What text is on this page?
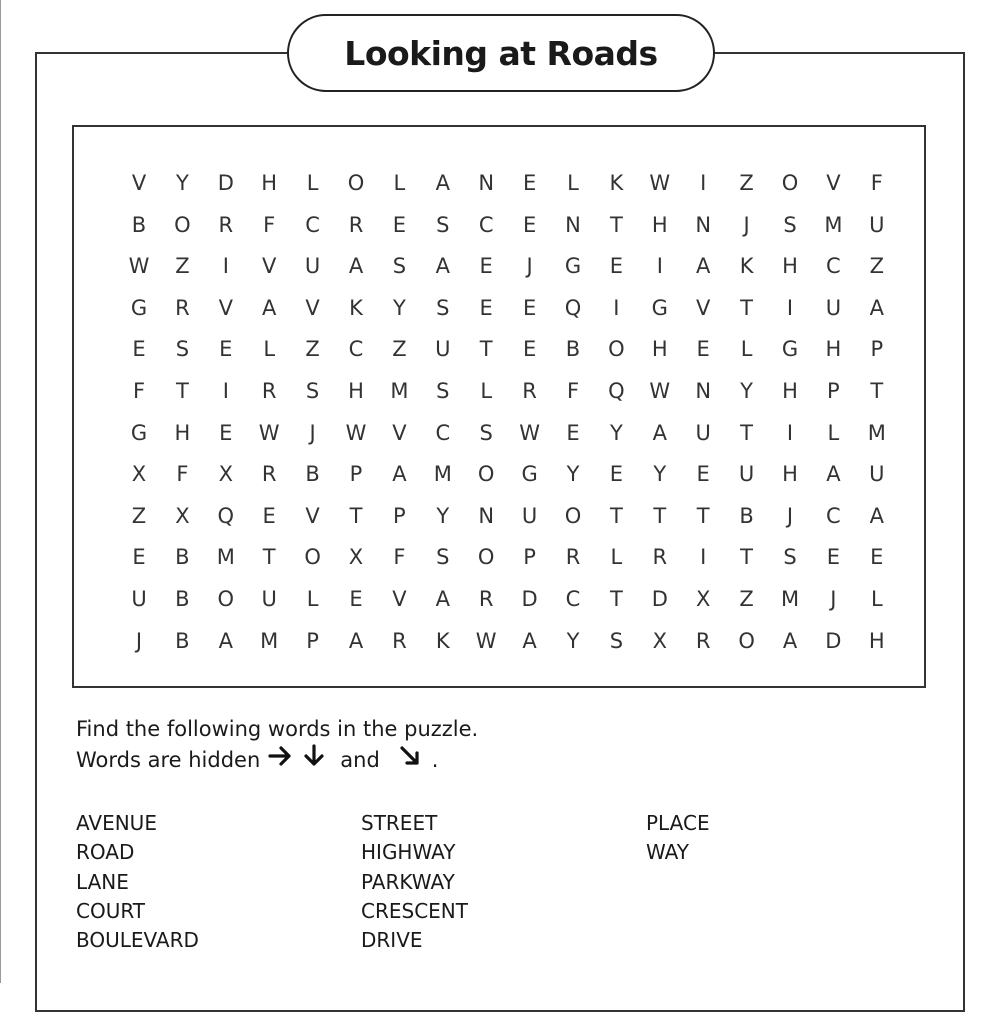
Looking at Roads
V	Y	D	H	L	O	L	A	N	E	L	K	W	I	Z	O	V	F
B	O	R	F	C	R	E	S	C	E	N	T	H	N	J	S	M	U
W	Z	I	V	U	A	S	A	E	J	G	E	I	A	K	H	C	Z
G	R	V	A	V	K	Y	S	E	E	Q	I	G	V	T	I	U	A
E	S	E	L	Z	C	Z	U	T	E	B	O	H	E	L	G	H	P
F	T	I	R	S	H	M	S	L	R	F	Q	W	N	Y	H	P	T
G	H	E	W	J	W	V	C	S	W	E	Y	A	U	T	I	L	M
X	F	X	R	B	P	A	M	O	G	Y	E	Y	E	U	H	A	U
Z	X	Q	E	V	T	P	Y	N	U	O	T	T	T	B	J	C	A
E	B	M	T	O	X	F	S	O	P	R	L	R	I	T	S	E	E
U	B	O	U	L	E	V	A	R	D	C	T	D	X	Z	M	J	L
J	B	A	M	P	A	R	K	W	A	Y	S	X	R	O	A	D	H
Find the following words in the puzzle.
Words are hidden	and .
AVENUE
ROAD
LANE
COURT
BOULEVARD
STREET
HIGHWAY
PARKWAY
CRESCENT
DRIVE
PLACE
WAY
